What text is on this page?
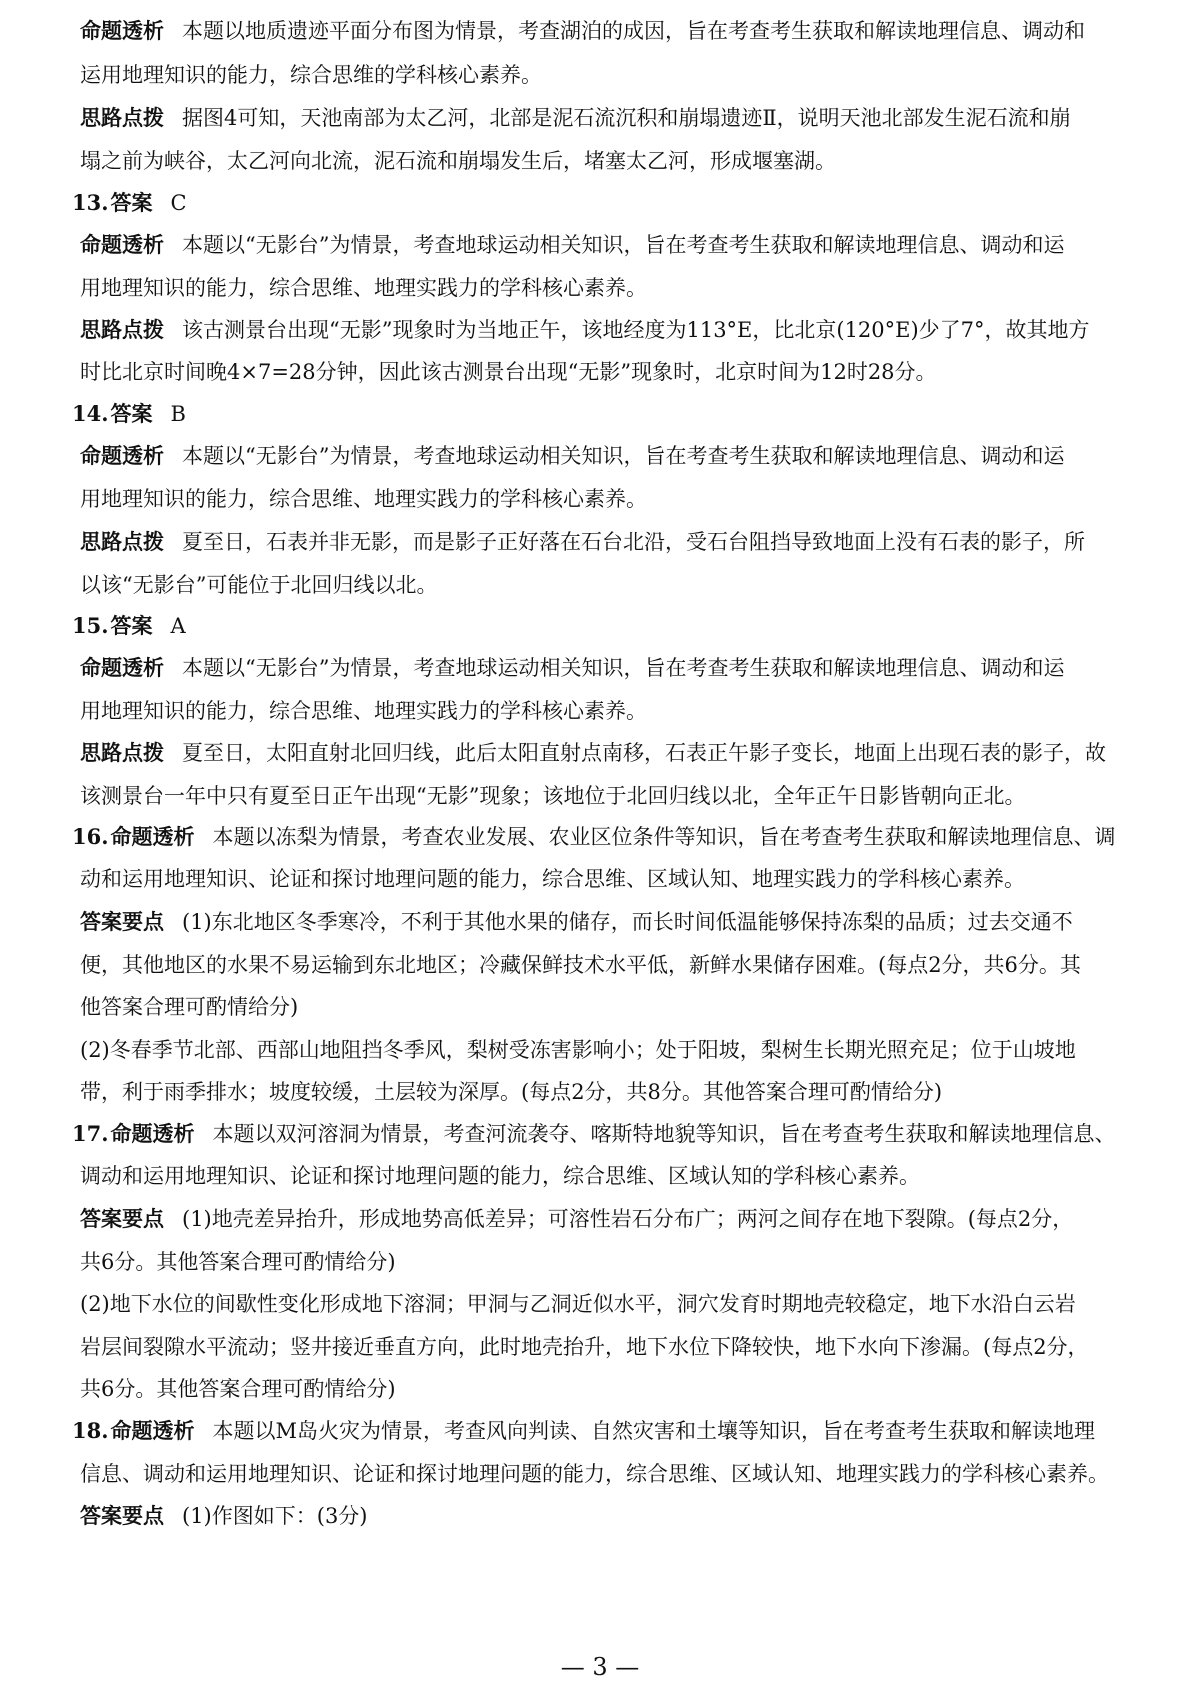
命题透析 本题以地质遗迹平面分布图为情景，考查湖泊的成因，旨在考查考生获取和解读地理信息、调动和
运用地理知识的能力，综合思维的学科核心素养。
思路点拨 据图4可知，天池南部为太乙河，北部是泥石流沉积和崩塌遗迹Ⅱ，说明天池北部发生泥石流和崩
塌之前为峡谷，太乙河向北流，泥石流和崩塌发生后，堵塞太乙河，形成堰塞湖。
13.答案 C
命题透析 本题以“无影台”为情景，考查地球运动相关知识，旨在考查考生获取和解读地理信息、调动和运
用地理知识的能力，综合思维、地理实践力的学科核心素养。
思路点拨 该古测景台出现“无影”现象时为当地正午，该地经度为113°E，比北京(120°E)少了7°，故其地方
时比北京时间晚4×7=28分钟，因此该古测景台出现“无影”现象时，北京时间为12时28分。
14.答案 B
命题透析 本题以“无影台”为情景，考查地球运动相关知识，旨在考查考生获取和解读地理信息、调动和运
用地理知识的能力，综合思维、地理实践力的学科核心素养。
思路点拨 夏至日，石表并非无影，而是影子正好落在石台北沿，受石台阻挡导致地面上没有石表的影子，所
以该“无影台”可能位于北回归线以北。
15.答案 A
命题透析 本题以“无影台”为情景，考查地球运动相关知识，旨在考查考生获取和解读地理信息、调动和运
用地理知识的能力，综合思维、地理实践力的学科核心素养。
思路点拨 夏至日，太阳直射北回归线，此后太阳直射点南移，石表正午影子变长，地面上出现石表的影子，故
该测景台一年中只有夏至日正午出现“无影”现象；该地位于北回归线以北，全年正午日影皆朝向正北。
16.命题透析 本题以冻梨为情景，考查农业发展、农业区位条件等知识，旨在考查考生获取和解读地理信息、调
动和运用地理知识、论证和探讨地理问题的能力，综合思维、区域认知、地理实践力的学科核心素养。
答案要点 (1)东北地区冬季寒冷，不利于其他水果的储存，而长时间低温能够保持冻梨的品质；过去交通不
便，其他地区的水果不易运输到东北地区；冷藏保鲜技术水平低，新鲜水果储存困难。(每点2分，共6分。其
他答案合理可酌情给分)
(2)冬春季节北部、西部山地阻挡冬季风，梨树受冻害影响小；处于阳坡，梨树生长期光照充足；位于山坡地
带，利于雨季排水；坡度较缓，土层较为深厚。(每点2分，共8分。其他答案合理可酌情给分)
17.命题透析 本题以双河溶洞为情景，考查河流袭夺、喀斯特地貌等知识，旨在考查考生获取和解读地理信息、
调动和运用地理知识、论证和探讨地理问题的能力，综合思维、区域认知的学科核心素养。
答案要点 (1)地壳差异抬升，形成地势高低差异；可溶性岩石分布广；两河之间存在地下裂隙。(每点2分，
共6分。其他答案合理可酌情给分)
(2)地下水位的间歇性变化形成地下溶洞；甲洞与乙洞近似水平，洞穴发育时期地壳较稳定，地下水沿白云岩
岩层间裂隙水平流动；竖井接近垂直方向，此时地壳抬升，地下水位下降较快，地下水向下渗漏。(每点2分，
共6分。其他答案合理可酌情给分)
18.命题透析 本题以M岛火灾为情景，考查风向判读、自然灾害和土壤等知识，旨在考查考生获取和解读地理
信息、调动和运用地理知识、论证和探讨地理问题的能力，综合思维、区域认知、地理实践力的学科核心素养。
答案要点 (1)作图如下：(3分)
— 3 —
